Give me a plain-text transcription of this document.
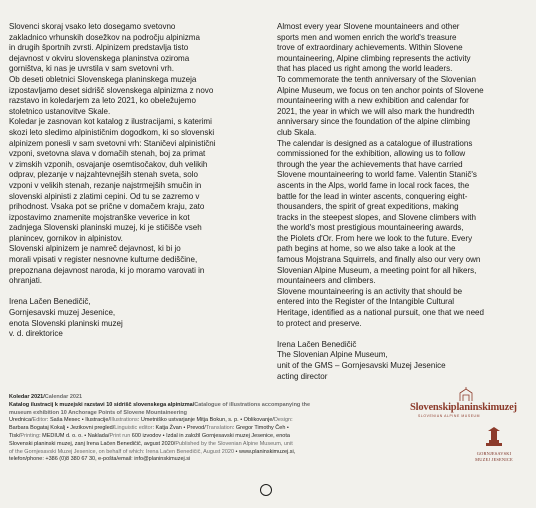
Slovenci skoraj vsako leto dosegamo svetovno

zakladnico vrhunskih dosežkov na področju alpinizma

in drugih športnih zvrsti. Alpinizem predstavlja tisto

dejavnost v okviru slovenskega planinstva oziroma

gorništva, ki nas je uvrstila v sam svetovni vrh.

Ob deseti obletnici Slovenskega planinskega muzeja

izpostavljamo deset sidrišč slovenskega alpinizma z novo

razstavo in koledarjem za leto 2021, ko obeležujemo

stoletnico ustanovitve Skale.

Koledar je zasnovan kot katalog z ilustracijami, s katerimi

skozi leto sledimo alpinističnim dogodkom, ki so slovenski

alpinizem ponesli v sam svetovni vrh: Staničevi alpinistični

vzponi, svetovna slava v domačih stenah, boj za primat

v zimskih vzponih, osvajanje osemtisočakov, duh velikih

odprav, plezanje v najzahtevnejših stenah sveta, solo

vzponi v velikih stenah, rezanje najstrmejših smučin in

slovenski alpinisti z zlatimi cepini. Od tu se zazremo v

prihodnost. Vsaka pot se prične v domačem kraju, zato

izpostavimo znamenite mojstranške veverice in kot

zadnjega Slovenski planinski muzej, ki je stičišče vseh

planincev, gornikov in alpinistov.

Slovenski alpinizem je namreč dejavnost, ki bi jo

morali vpisati v register nesnovne kulturne dediščine,

prepoznana dejavnost naroda, ki jo moramo varovati in

ohranjati.

Irena Lačen Benedičič,

Gornjesavski muzej Jesenice,

enota Slovenski planinski muzej

v. d. direktorice

Almost every year Slovene mountaineers and other

sports men and women enrich the world's treasure

trove of extraordinary achievements. Within Slovene

mountaineering, Alpine climbing represents the activity

that has placed us right among the world leaders.

To commemorate the tenth anniversary of the Slovenian

Alpine Museum, we focus on ten anchor points of Slovene

mountaineering with a new exhibition and calendar for

2021, the year in which we will also mark the hundredth

anniversary since the foundation of the alpine climbing

club Skala.

The calendar is designed as a catalogue of illustrations

commissioned for the exhibition, allowing us to follow

through the year the achievements that have carried

Slovene mountaineering to world fame. Valentin Stanič's

ascents in the Alps, world fame in local rock faces, the

battle for the lead in winter ascents, conquering eight-

thousanders, the spirit of great expeditions, making

tracks in the steepest slopes, and Slovene climbers with

the world's most prestigious mountaineering awards,

the Piolets d'Or. From here we look to the future. Every

path begins at home, so we also take a look at the

famous Mojstrana Squirrels, and finally also our very own

Slovenian Alpine Museum, a meeting point for all hikers,

mountaineers and climbers.

Slovene mountaineering is an activity that should be

entered into the Register of the Intangible Cultural

Heritage, identified as a national pursuit, one that we need

to protect and preserve.

Irena Lačen Benedičič

The Slovenian Alpine Museum,

unit of the GMS – Gornjesavski Muzej Jesenice

acting director

Koledar 2021/Calendar 2021

Katalog ilustracij k muzejski razstavi 10 sidrišč slovenskega alpinizma/Catalogue of illustrations accompanying the

museum exhibition 10 Anchorage Points of Slovene Mountaineering

Urednica/Editor: Saša Mesec • Ilustracije/Illustrations: Umetniško ustvarjanje Mitja Bokun, s. p. • Oblikovanje/Design:

Barbara Bogataj Kokalj • Jezikovni pregled/Linguistic editor: Katja Žvan • Prevod/Translation: Gregor Timothy Čeh •

Tisk/Printing: MEDIUM d. o. o. • Naklada/Print run 600 izvodov • Izdal in založil Gornjesavski muzej Jesenice, enota

Slovenski planinski muzej, zanj Irena Lačen Benedičič, avgust 2020/Published by the Slovenian Alpine Museum, unit

of the Gornjesavski Muzej Jesenice, on behalf of which: Irena Lačen Benedičič, August 2020 • www.planinskimuzej.si,

telefon/phone: +386 (0)8 380 67 30, e-pošta/email: info@planinskimuzej.si

Slovenskiplaninskimuzej
SLOVENIAN ALPINE MUSEUM
GORNJESAVSKI
MUZEJ JESENICE
